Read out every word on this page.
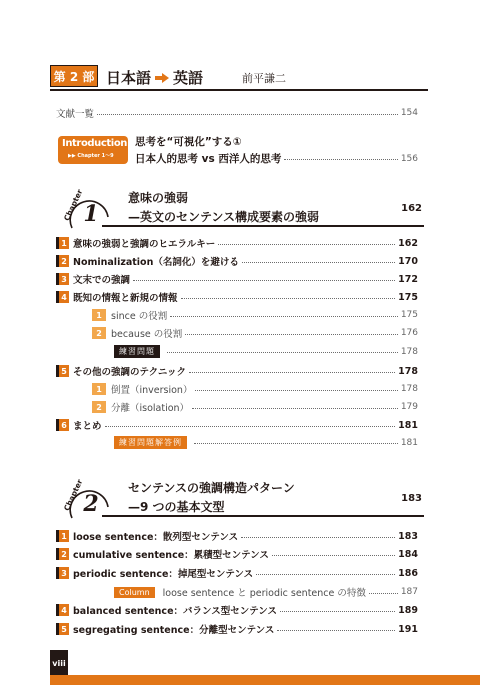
第 2 部 日本語 英語	前平謙二
文献一覧	154
Introduction
▶▶ Chapter 1〜9
思考を“可視化”する①
日本人的思考 vs 西洋人的思考	156
Chapter
1
意味の強弱
—英文のセンテンス構成要素の強弱
162
1 意味の強弱と強調のヒエラルキー	162
2 Nominalization（名詞化）を避ける	170
3 文末での強調	172
4 既知の情報と新規の情報	175
1 since の役割	175
2 because の役割	176
練習問題	178
5 その他の強調のテクニック	178
1 倒置（inversion）	178
2 分離（isolation）	179
6 まとめ	181
練習問題解答例	181
Chapter
2
センテンスの強調構造パターン
—9 つの基本文型
183
1 loose sentence：散列型センテンス	183
2 cumulative sentence：累積型センテンス	184
3 periodic sentence：掉尾型センテンス	186
Column	loose sentence と periodic sentence の特徴	187
4 balanced sentence：バランス型センテンス	189
5 segregating sentence：分離型センテンス	191
viii
